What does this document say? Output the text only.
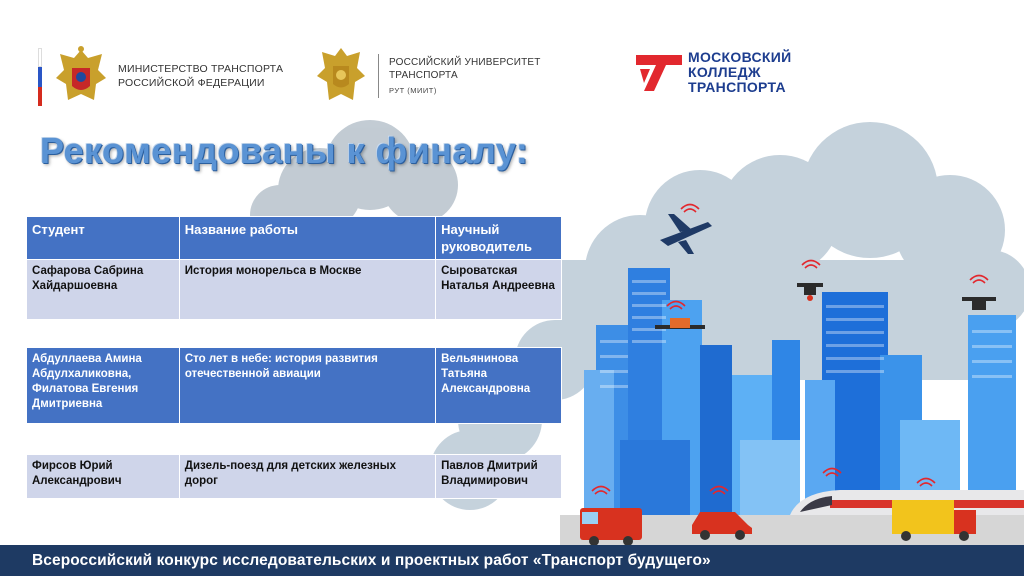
МИНИСТЕРСТВО ТРАНСПОРТА
РОССИЙСКОЙ ФЕДЕРАЦИИ
РОССИЙСКИЙ УНИВЕРСИТЕТ
ТРАНСПОРТА
РУТ (МИИТ)
МОСКОВСКИЙ
КОЛЛЕДЖ
ТРАНСПОРТА
Рекомендованы к финалу:
Студент	Название работы	Научный руководитель
Сафарова Сабрина Хайдаршоевна	История монорельса в Москве	Сыроватская Наталья Андреевна
Абдуллаева Амина Абдулхаликовна, Филатова Евгения Дмитриевна	Сто лет в небе: история развития отечественной авиации	Вельянинова Татьяна Александровна
Фирсов Юрий Александрович	Дизель-поезд для детских железных дорог	Павлов Дмитрий Владимирович
Всероссийский конкурс исследовательских и проектных работ «Транспорт будущего»
